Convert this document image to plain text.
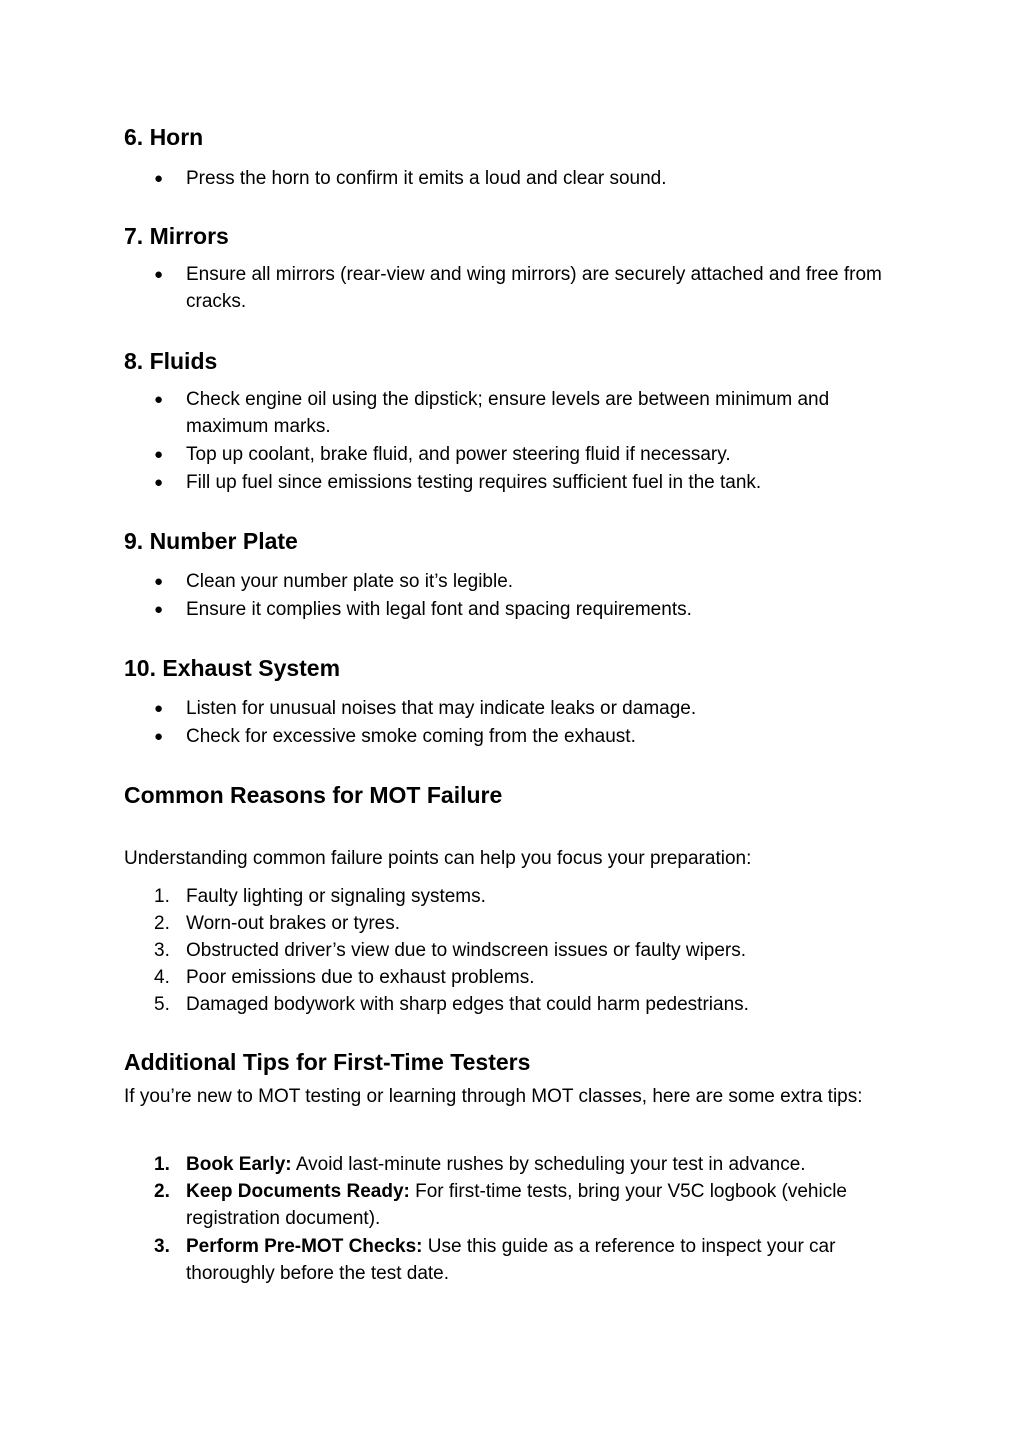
6. Horn
● Press the horn to confirm it emits a loud and clear sound.
7. Mirrors
● Ensure all mirrors (rear-view and wing mirrors) are securely attached and free from cracks.
8. Fluids
● Check engine oil using the dipstick; ensure levels are between minimum and maximum marks.
● Top up coolant, brake fluid, and power steering fluid if necessary.
● Fill up fuel since emissions testing requires sufficient fuel in the tank.
9. Number Plate
● Clean your number plate so it’s legible.
● Ensure it complies with legal font and spacing requirements.
10. Exhaust System
● Listen for unusual noises that may indicate leaks or damage.
● Check for excessive smoke coming from the exhaust.
Common Reasons for MOT Failure

Understanding common failure points can help you focus your preparation:

1. Faulty lighting or signaling systems.
2. Worn-out brakes or tyres.
3. Obstructed driver’s view due to windscreen issues or faulty wipers.
4. Poor emissions due to exhaust problems.
5. Damaged bodywork with sharp edges that could harm pedestrians.
Additional Tips for First-Time Testers

If you’re new to MOT testing or learning through MOT classes, here are some extra tips:

1. Book Early: Avoid last-minute rushes by scheduling your test in advance.
2. Keep Documents Ready: For first-time tests, bring your V5C logbook (vehicle registration document).
3. Perform Pre-MOT Checks: Use this guide as a reference to inspect your car thoroughly before the test date.
